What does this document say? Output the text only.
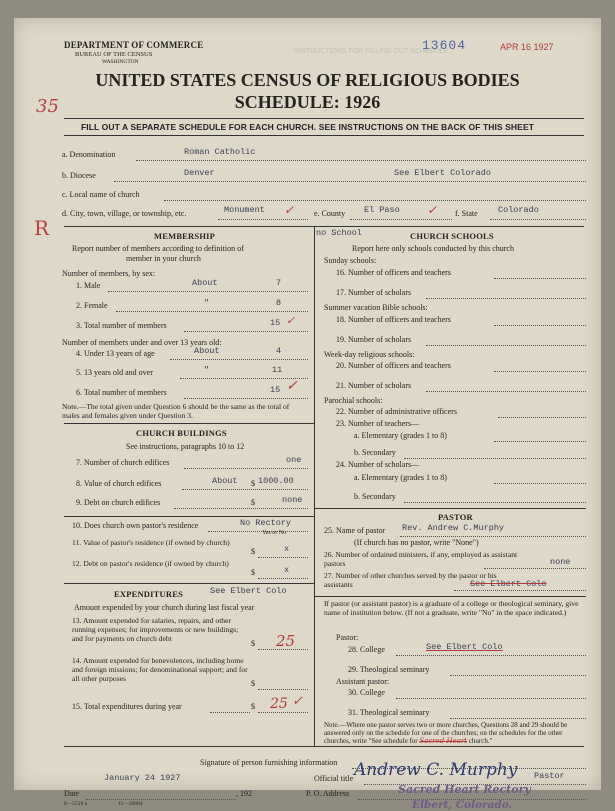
INSTRUCTIONS FOR FILLING OUT SCHEDULE
DEPARTMENT OF COMMERCE
BUREAU OF THE CENSUS
WASHINGTON
13604	APR 16 1927
UNITED STATES CENSUS OF RELIGIOUS BODIES
SCHEDULE: 1926
35
R
FILL OUT A SEPARATE SCHEDULE FOR EACH CHURCH. SEE INSTRUCTIONS ON THE BACK OF THIS SHEET
a. Denomination	Roman Catholic
b. Diocese	Denver	See Elbert Colorado
c. Local name of church
d. City, town, village, or township, etc.	Monument ✓ e. County El Paso ✓ f. State Colorado
MEMBERSHIP
Report number of members according to definition of
member in your church
Number of members, by sex:
1. Male	About	7
2. Female	"	8
3. Total number of members	15 ✓
Number of members under and over 13 years old:
4. Under 13 years of age	About	4
5. 13 years old and over	"	11
6. Total number of members	15 ✓
Note.—The total given under Question 6 should be the same as the total of males and females given under Question 3.
CHURCH BUILDINGS
See instructions, paragraphs 10 to 12
7. Number of church edifices	one
8. Value of church edifices	About $ 1000.00
9. Debt on church edifices	$	none
10. Does church own pastor's residence	No Rectory
Yes or No
11. Value of pastor's residence (if owned by church)
$	x
12. Debt on pastor's residence (if owned by church)
$	x
EXPENDITURES	See Elbert Colo
Amount expended by your church during last fiscal year
13. Amount expended for salaries, repairs, and other running expenses; for improvements or new buildings; and for payments on church debt
$ 25
14. Amount expended for benevolences, including home and foreign missions; for denominational support; and for all other purposes
$
15. Total expenditures during year	$ 25 ✓
no School	CHURCH SCHOOLS
Report here only schools conducted by this church
Sunday schools:
16. Number of officers and teachers
17. Number of scholars
Summer vacation Bible schools:
18. Number of officers and teachers
19. Number of scholars
Week-day religious schools:
20. Number of officers and teachers
21. Number of scholars
Parochial schools:
22. Number of administrative officers
23. Number of teachers—
a. Elementary (grades 1 to 8)
b. Secondary
24. Number of scholars—
a. Elementary (grades 1 to 8)
b. Secondary
PASTOR
25. Name of pastor Rev. Andrew C.Murphy
(If church has no pastor, write "None")
26. Number of ordained ministers, if any, employed as assistant pastors	none
27. Number of other churches served by the pastor or his assistants	See Elbert Colo
If pastor (or assistant pastor) is a graduate of a college or theological seminary, give name of institution below. (If not a graduate, write "No" in the space indicated.)
Pastor:
28. College	See Elbert Colo
29. Theological seminary
Assistant pastor:
30. College
31. Theological seminary
Note.—Where one pastor serves two or more churches, Questions 28 and 29 should be answered only on the schedule for one of the churches; on the schedules for the other churches, write "See schedule for Sacred Heart church."
Signature of person furnishing information Andrew C. Murphy
Official title	Pastor
January 24 1927
Date	, 192	P. O. Address	Sacred Heart Rectory
Elbert, Colorado.
8—5518 a	11—30884
